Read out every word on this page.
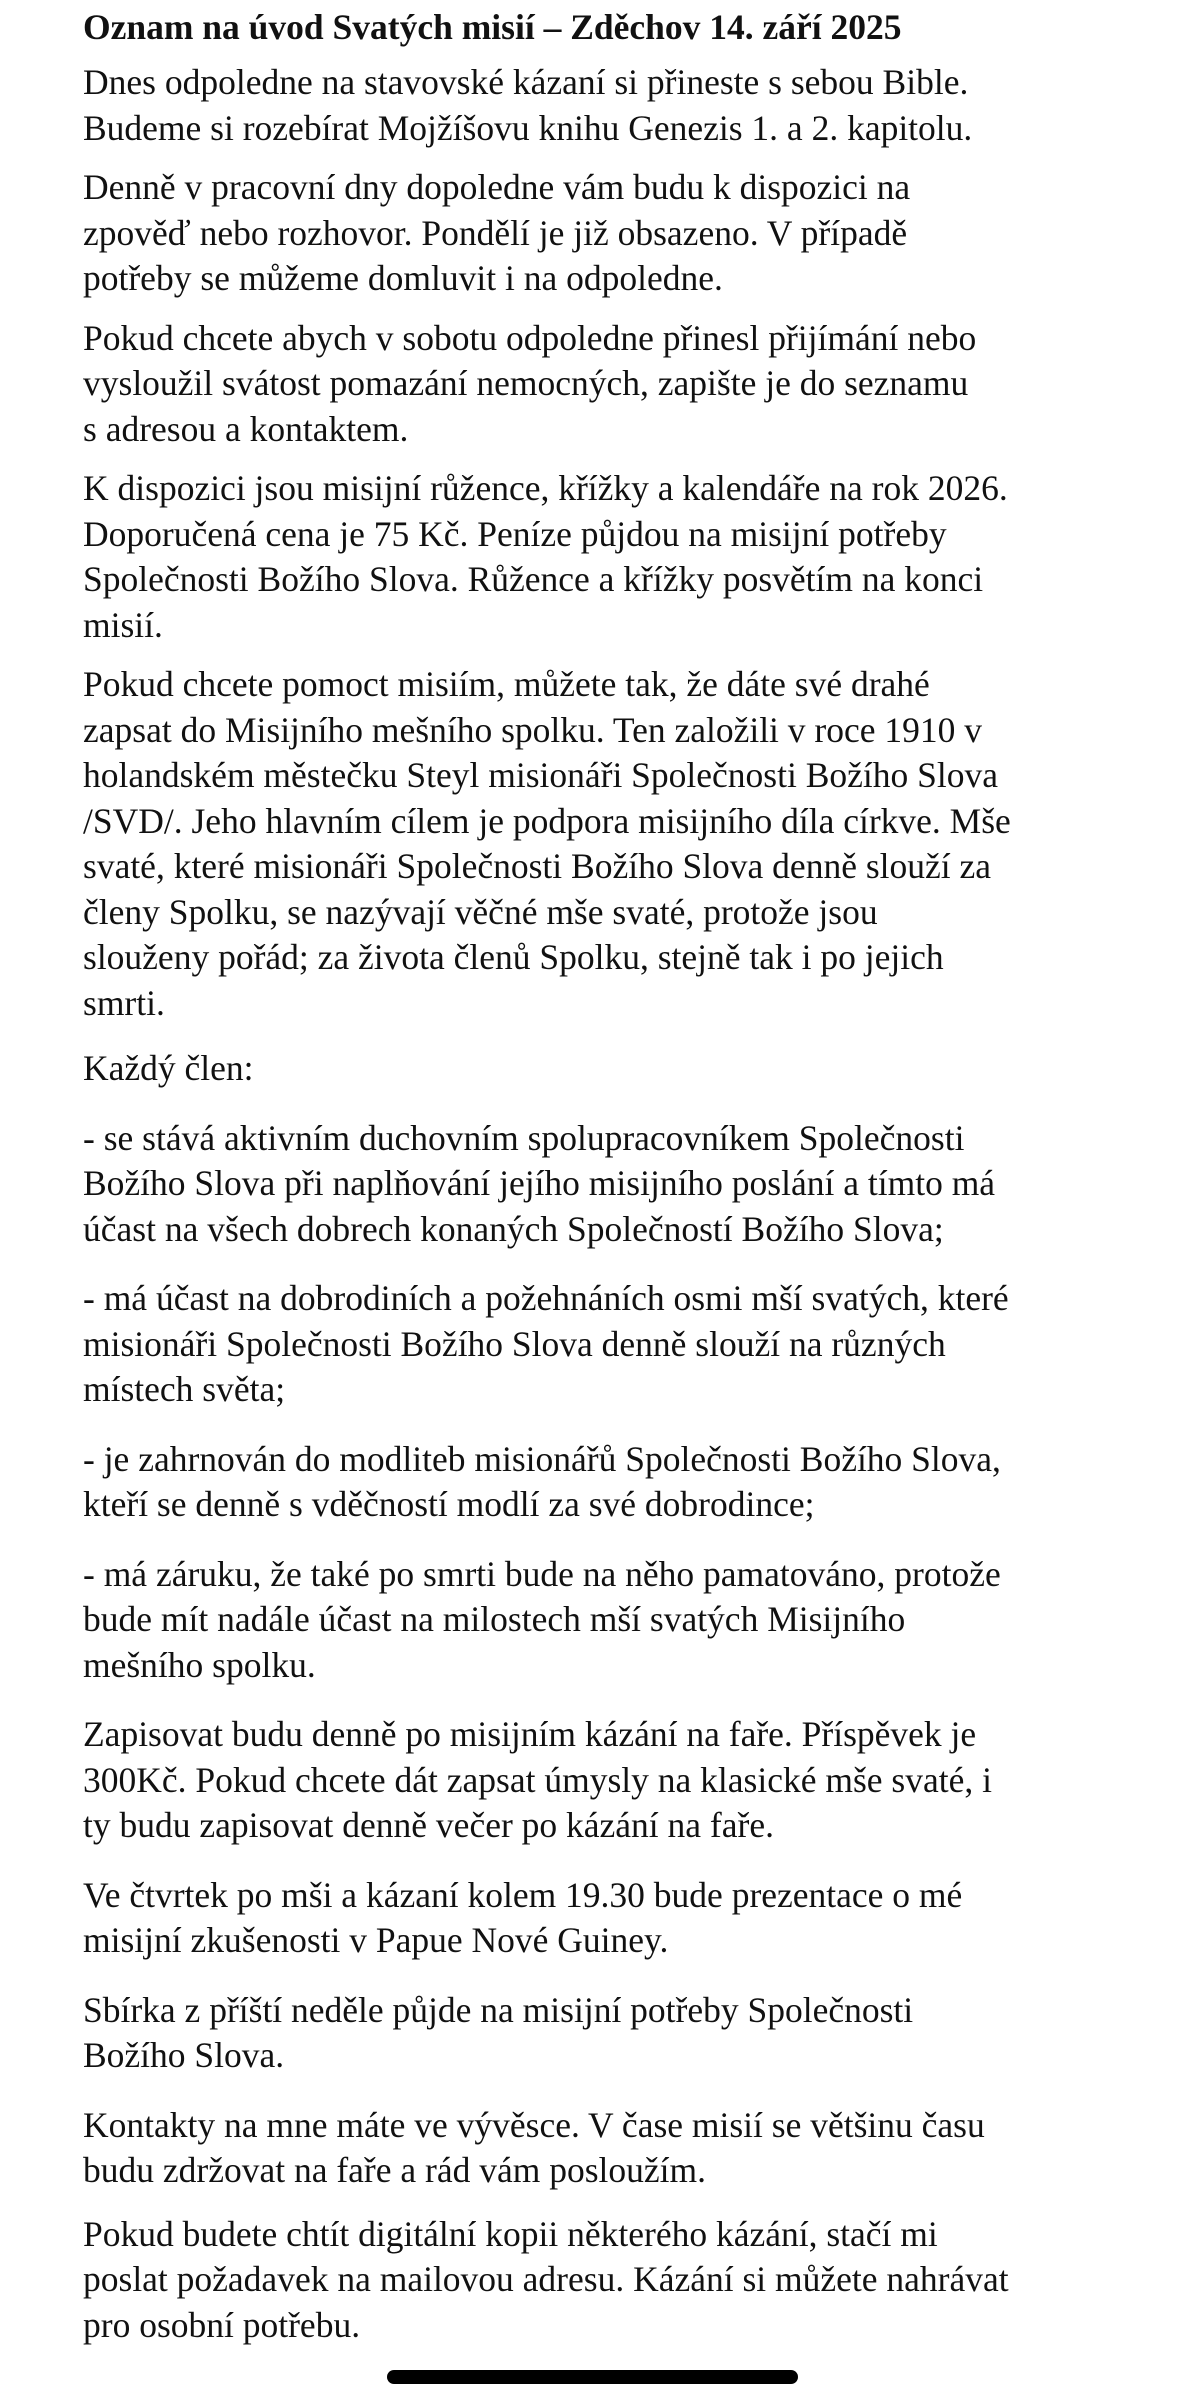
Oznam na úvod Svatých misií – Zděchov 14. září 2025

Dnes odpoledne na stavovské kázaní si přineste s sebou Bible.
Budeme si rozebírat Mojžíšovu knihu Genezis 1. a 2. kapitolu.

Denně v pracovní dny dopoledne vám budu k dispozici na
zpověď nebo rozhovor. Pondělí je již obsazeno. V případě
potřeby se můžeme domluvit i na odpoledne.

Pokud chcete abych v sobotu odpoledne přinesl přijímání nebo
vysloužil svátost pomazání nemocných, zapište je do seznamu
s adresou a kontaktem.

K dispozici jsou misijní růžence, křížky a kalendáře na rok 2026.
Doporučená cena je 75 Kč. Peníze půjdou na misijní potřeby
Společnosti Božího Slova. Růžence a křížky posvětím na konci
misií.

Pokud chcete pomoct misiím, můžete tak, že dáte své drahé
zapsat do Misijního mešního spolku. Ten založili v roce 1910 v
holandském městečku Steyl misionáři Společnosti Božího Slova
/SVD/. Jeho hlavním cílem je podpora misijního díla církve. Mše
svaté, které misionáři Společnosti Božího Slova denně slouží za
členy Spolku, se nazývají věčné mše svaté, protože jsou
slouženy pořád; za života členů Spolku, stejně tak i po jejich
smrti.

Každý člen:

- se stává aktivním duchovním spolupracovníkem Společnosti
Božího Slova při naplňování jejího misijního poslání a tímto má
účast na všech dobrech konaných Společností Božího Slova;

- má účast na dobrodiních a požehnáních osmi mší svatých, které
misionáři Společnosti Božího Slova denně slouží na různých
místech světa;

- je zahrnován do modliteb misionářů Společnosti Božího Slova,
kteří se denně s vděčností modlí za své dobrodince;

- má záruku, že také po smrti bude na něho pamatováno, protože
bude mít nadále účast na milostech mší svatých Misijního
mešního spolku.

Zapisovat budu denně po misijním kázání na faře. Příspěvek je
300Kč. Pokud chcete dát zapsat úmysly na klasické mše svaté, i
ty budu zapisovat denně večer po kázání na faře.

Ve čtvrtek po mši a kázaní kolem 19.30 bude prezentace o mé
misijní zkušenosti v Papue Nové Guiney.

Sbírka z příští neděle půjde na misijní potřeby Společnosti
Božího Slova.

Kontakty na mne máte ve vývěsce. V čase misií se většinu času
budu zdržovat na faře a rád vám posloužím.

Pokud budete chtít digitální kopii některého kázání, stačí mi
poslat požadavek na mailovou adresu. Kázání si můžete nahrávat
pro osobní potřebu.
